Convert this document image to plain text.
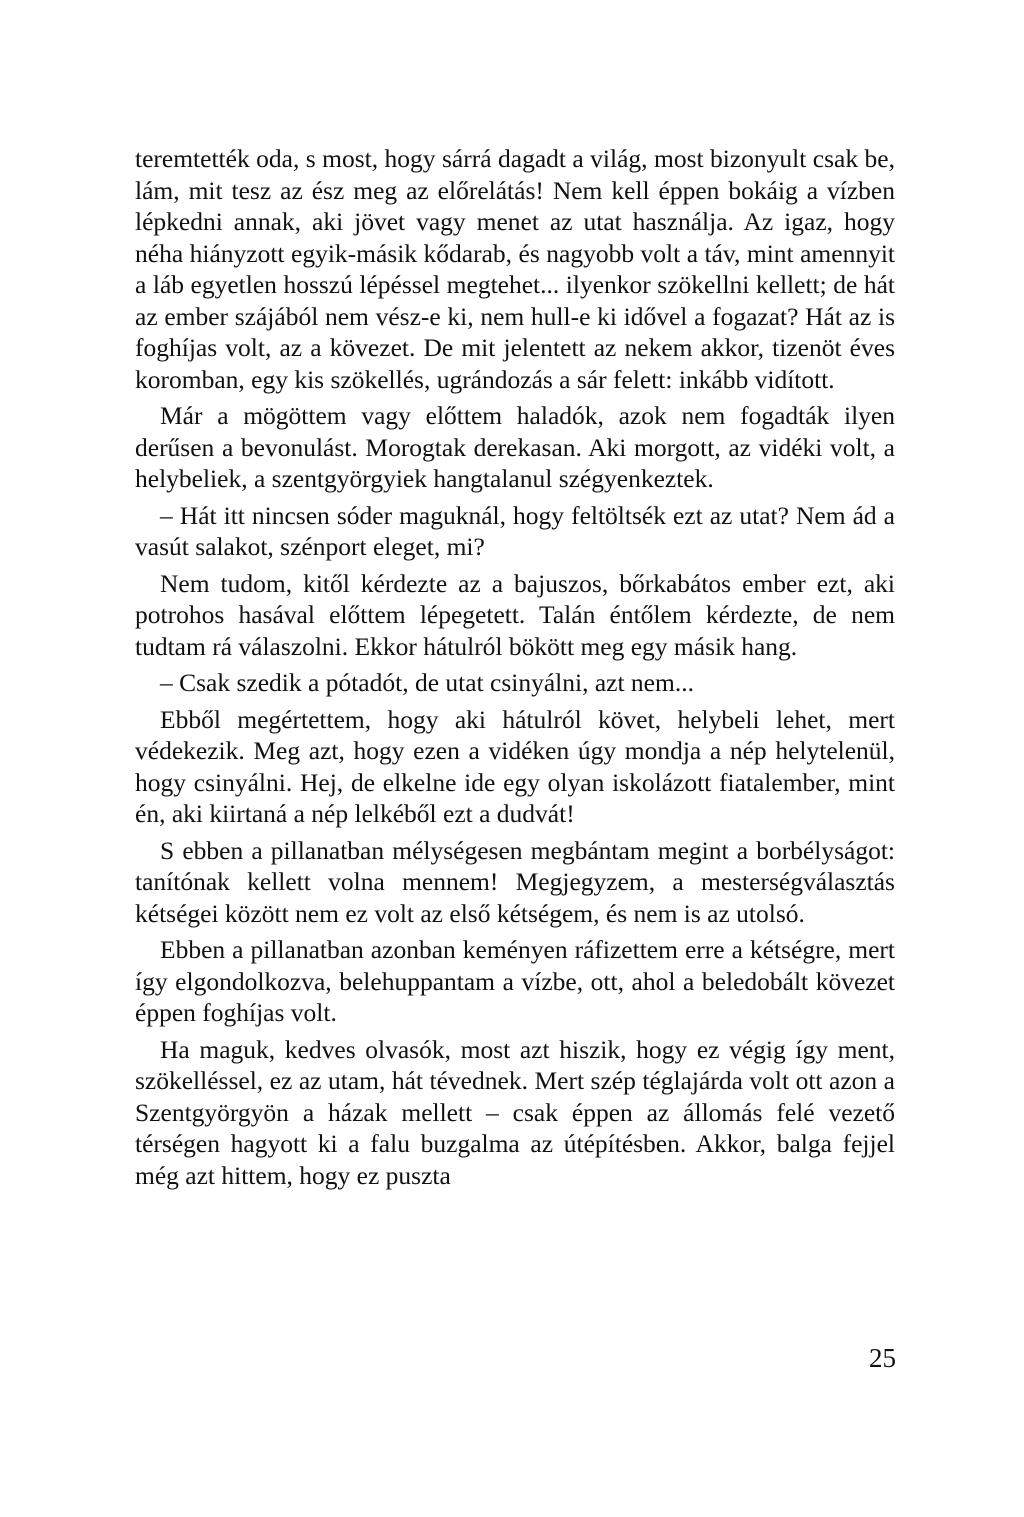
teremtették oda, s most, hogy sárrá dagadt a világ, most bizonyult csak be, lám, mit tesz az ész meg az előrelátás! Nem kell éppen bokáig a vízben lépkedni annak, aki jövet vagy menet az utat használja. Az igaz, hogy néha hiányzott egyik-másik kődarab, és nagyobb volt a táv, mint amennyit a láb egyetlen hosszú lépéssel megtehet... ilyenkor szökellni kellett; de hát az ember szájából nem vész-e ki, nem hull-e ki idővel a fogazat? Hát az is foghíjas volt, az a kövezet. De mit jelentett az nekem akkor, tizenöt éves koromban, egy kis szökellés, ugrándozás a sár felett: inkább vidított.

Már a mögöttem vagy előttem haladók, azok nem fogadták ilyen derűsen a bevonulást. Morogtak derekasan. Aki morgott, az vidéki volt, a helybeliek, a szentgyörgyiek hangtalanul szégyenkeztek.

– Hát itt nincsen sóder maguknál, hogy feltöltsék ezt az utat? Nem ád a vasút salakot, szénport eleget, mi?

Nem tudom, kitől kérdezte az a bajuszos, bőrkabátos ember ezt, aki potrohos hasával előttem lépegetett. Talán éntőlem kérdezte, de nem tudtam rá válaszolni. Ekkor hátulról bökött meg egy másik hang.

– Csak szedik a pótadót, de utat csinyálni, azt nem...

Ebből megértettem, hogy aki hátulról követ, helybeli lehet, mert védekezik. Meg azt, hogy ezen a vidéken úgy mondja a nép helytelenül, hogy csinyálni. Hej, de elkelne ide egy olyan iskolázott fiatalember, mint én, aki kiirtaná a nép lelkéből ezt a dudvát!

S ebben a pillanatban mélységesen megbántam megint a borbélyságot: tanítónak kellett volna mennem! Megjegyzem, a mesterségválasztás kétségei között nem ez volt az első kétségem, és nem is az utolsó.

Ebben a pillanatban azonban keményen ráfizettem erre a kétségre, mert így elgondolkozva, belehuppantam a vízbe, ott, ahol a beledobált kövezet éppen foghíjas volt.

Ha maguk, kedves olvasók, most azt hiszik, hogy ez végig így ment, szökelléssel, ez az utam, hát tévednek. Mert szép téglajárda volt ott azon a Szentgyörgyön a házak mellett – csak éppen az állomás felé vezető térségen hagyott ki a falu buzgalma az útépítésben. Akkor, balga fejjel még azt hittem, hogy ez puszta

25
